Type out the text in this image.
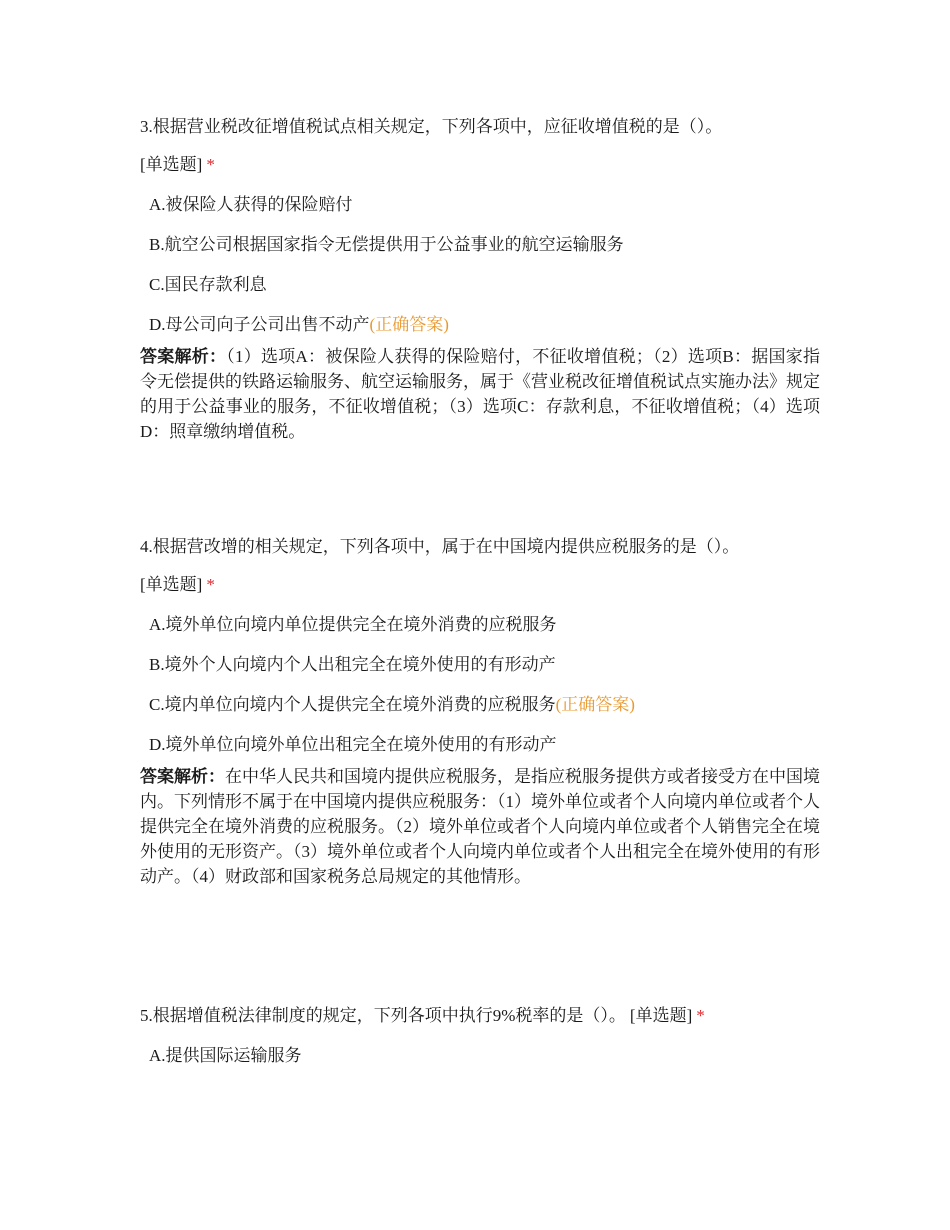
3.根据营业税改征增值税试点相关规定，下列各项中，应征收增值税的是（）。
[单选题] *
A.被保险人获得的保险赔付
B.航空公司根据国家指令无偿提供用于公益事业的航空运输服务
C.国民存款利息
D.母公司向子公司出售不动产(正确答案)
答案解析：（1）选项A：被保险人获得的保险赔付，不征收增值税；（2）选项B：据国家指令无偿提供的铁路运输服务、航空运输服务，属于《营业税改征增值税试点实施办法》规定的用于公益事业的服务，不征收增值税；（3）选项C：存款利息，不征收增值税；（4）选项D：照章缴纳增值税。
4.根据营改增的相关规定，下列各项中，属于在中国境内提供应税服务的是（）。
[单选题] *
A.境外单位向境内单位提供完全在境外消费的应税服务
B.境外个人向境内个人出租完全在境外使用的有形动产
C.境内单位向境内个人提供完全在境外消费的应税服务(正确答案)
D.境外单位向境外单位出租完全在境外使用的有形动产
答案解析：在中华人民共和国境内提供应税服务，是指应税服务提供方或者接受方在中国境内。下列情形不属于在中国境内提供应税服务：（1）境外单位或者个人向境内单位或者个人提供完全在境外消费的应税服务。（2）境外单位或者个人向境内单位或者个人销售完全在境外使用的无形资产。（3）境外单位或者个人向境内单位或者个人出租完全在境外使用的有形动产。（4）财政部和国家税务总局规定的其他情形。
5.根据增值税法律制度的规定，下列各项中执行9%税率的是（）。 [单选题] *
A.提供国际运输服务
